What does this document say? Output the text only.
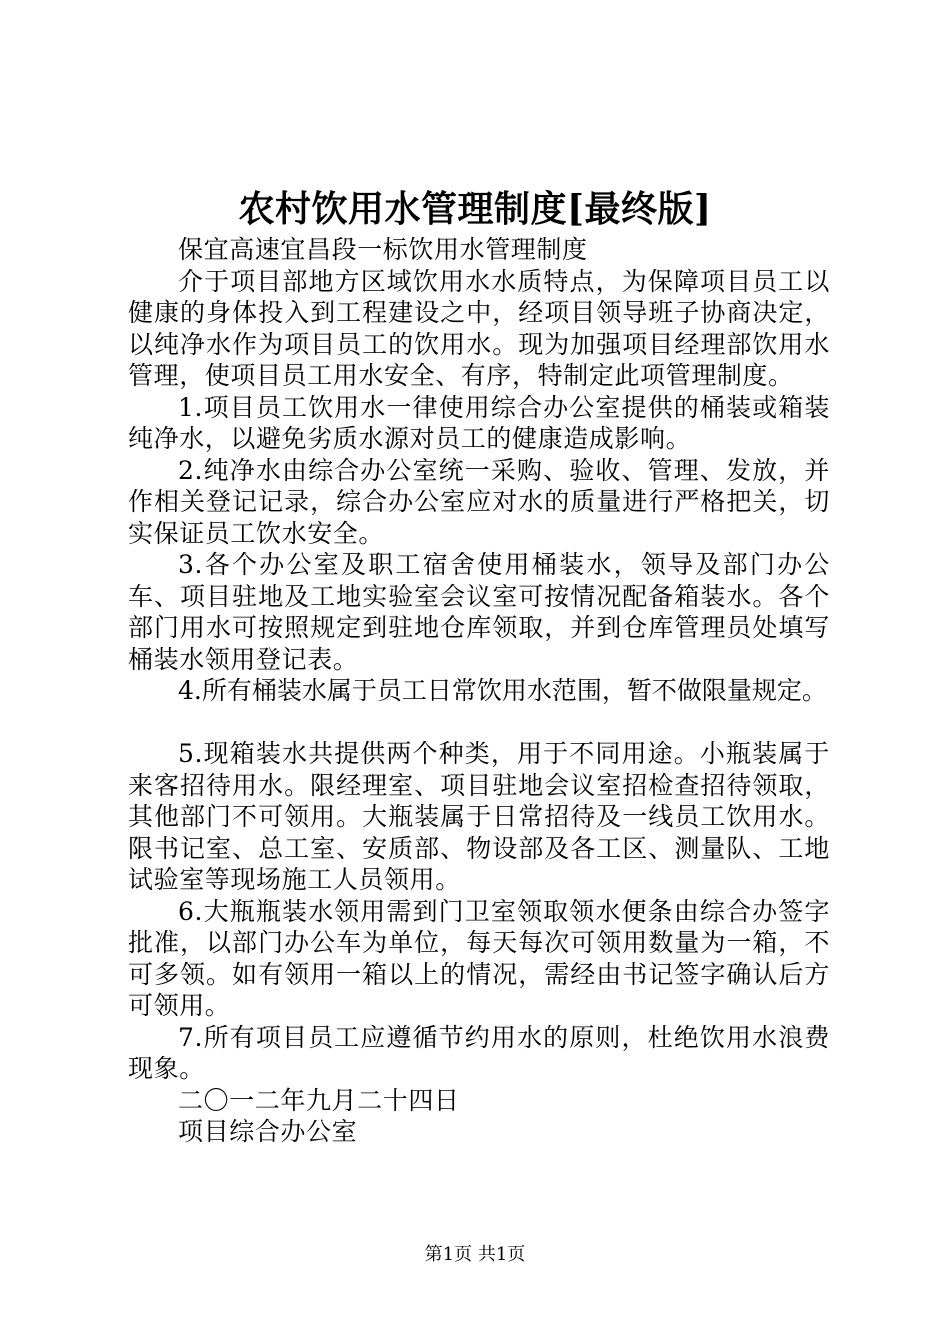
农村饮用水管理制度[最终版]

保宜高速宜昌段一标饮用水管理制度

介于项目部地方区域饮用水水质特点，为保障项目员工以健康的身体投入到工程建设之中，经项目领导班子协商决定，以纯净水作为项目员工的饮用水。现为加强项目经理部饮用水管理，使项目员工用水安全、有序，特制定此项管理制度。

1.项目员工饮用水一律使用综合办公室提供的桶装或箱装纯净水，以避免劣质水源对员工的健康造成影响。

2.纯净水由综合办公室统一采购、验收、管理、发放，并作相关登记记录，综合办公室应对水的质量进行严格把关，切实保证员工饮水安全。

3.各个办公室及职工宿舍使用桶装水，领导及部门办公车、项目驻地及工地实验室会议室可按情况配备箱装水。各个部门用水可按照规定到驻地仓库领取，并到仓库管理员处填写桶装水领用登记表。

4.所有桶装水属于员工日常饮用水范围，暂不做限量规定。

5.现箱装水共提供两个种类，用于不同用途。小瓶装属于来客招待用水。限经理室、项目驻地会议室招检查招待领取，其他部门不可领用。大瓶装属于日常招待及一线员工饮用水。限书记室、总工室、安质部、物设部及各工区、测量队、工地试验室等现场施工人员领用。

6.大瓶瓶装水领用需到门卫室领取领水便条由综合办签字批准，以部门办公车为单位，每天每次可领用数量为一箱，不可多领。如有领用一箱以上的情况，需经由书记签字确认后方可领用。

7.所有项目员工应遵循节约用水的原则，杜绝饮用水浪费现象。

二〇一二年九月二十四日

项目综合办公室

第1页 共1页
